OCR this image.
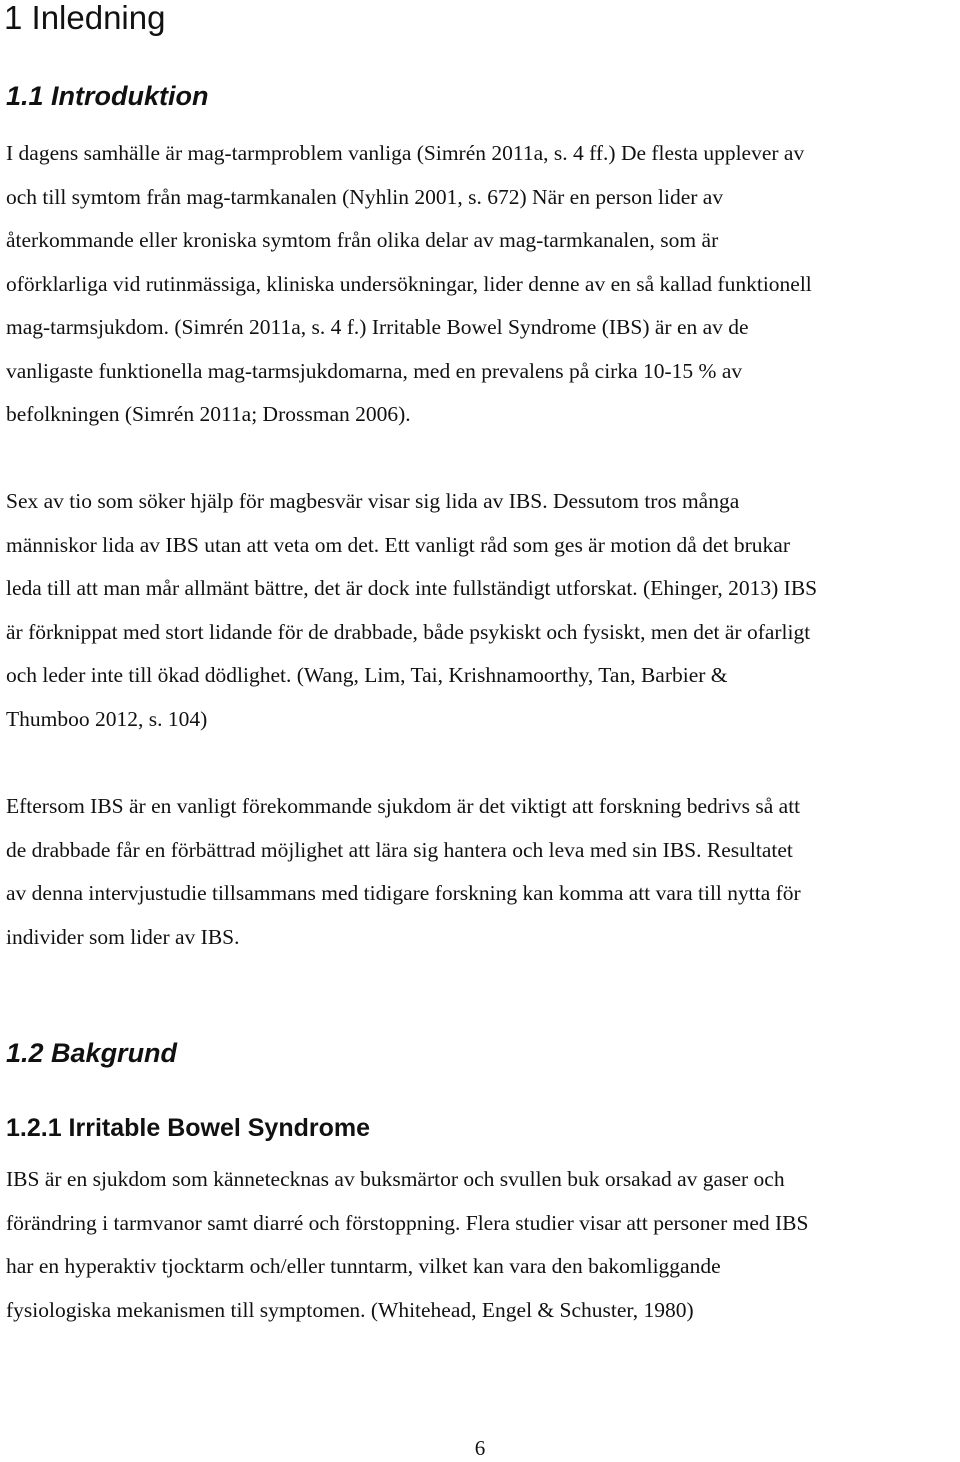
1 Inledning
1.1 Introduktion
I dagens samhälle är mag-tarmproblem vanliga (Simrén 2011a, s. 4 ff.) De flesta upplever av
och till symtom från mag-tarmkanalen (Nyhlin 2001, s. 672) När en person lider av
återkommande eller kroniska symtom från olika delar av mag-tarmkanalen, som är
oförklarliga vid rutinmässiga, kliniska undersökningar, lider denne av en så kallad funktionell
mag-tarmsjukdom. (Simrén 2011a, s. 4 f.) Irritable Bowel Syndrome (IBS) är en av de
vanligaste funktionella mag-tarmsjukdomarna, med en prevalens på cirka 10-15 % av
befolkningen (Simrén 2011a; Drossman 2006).
Sex av tio som söker hjälp för magbesvär visar sig lida av IBS. Dessutom tros många
människor lida av IBS utan att veta om det. Ett vanligt råd som ges är motion då det brukar
leda till att man mår allmänt bättre, det är dock inte fullständigt utforskat. (Ehinger, 2013) IBS
är förknippat med stort lidande för de drabbade, både psykiskt och fysiskt, men det är ofarligt
och leder inte till ökad dödlighet. (Wang, Lim, Tai, Krishnamoorthy, Tan, Barbier &
Thumboo 2012, s. 104)
Eftersom IBS är en vanligt förekommande sjukdom är det viktigt att forskning bedrivs så att
de drabbade får en förbättrad möjlighet att lära sig hantera och leva med sin IBS. Resultatet
av denna intervjustudie tillsammans med tidigare forskning kan komma att vara till nytta för
individer som lider av IBS.
1.2 Bakgrund
1.2.1 Irritable Bowel Syndrome
IBS är en sjukdom som kännetecknas av buksmärtor och svullen buk orsakad av gaser och
förändring i tarmvanor samt diarré och förstoppning. Flera studier visar att personer med IBS
har en hyperaktiv tjocktarm och/eller tunntarm, vilket kan vara den bakomliggande
fysiologiska mekanismen till symptomen. (Whitehead, Engel & Schuster, 1980)
6
